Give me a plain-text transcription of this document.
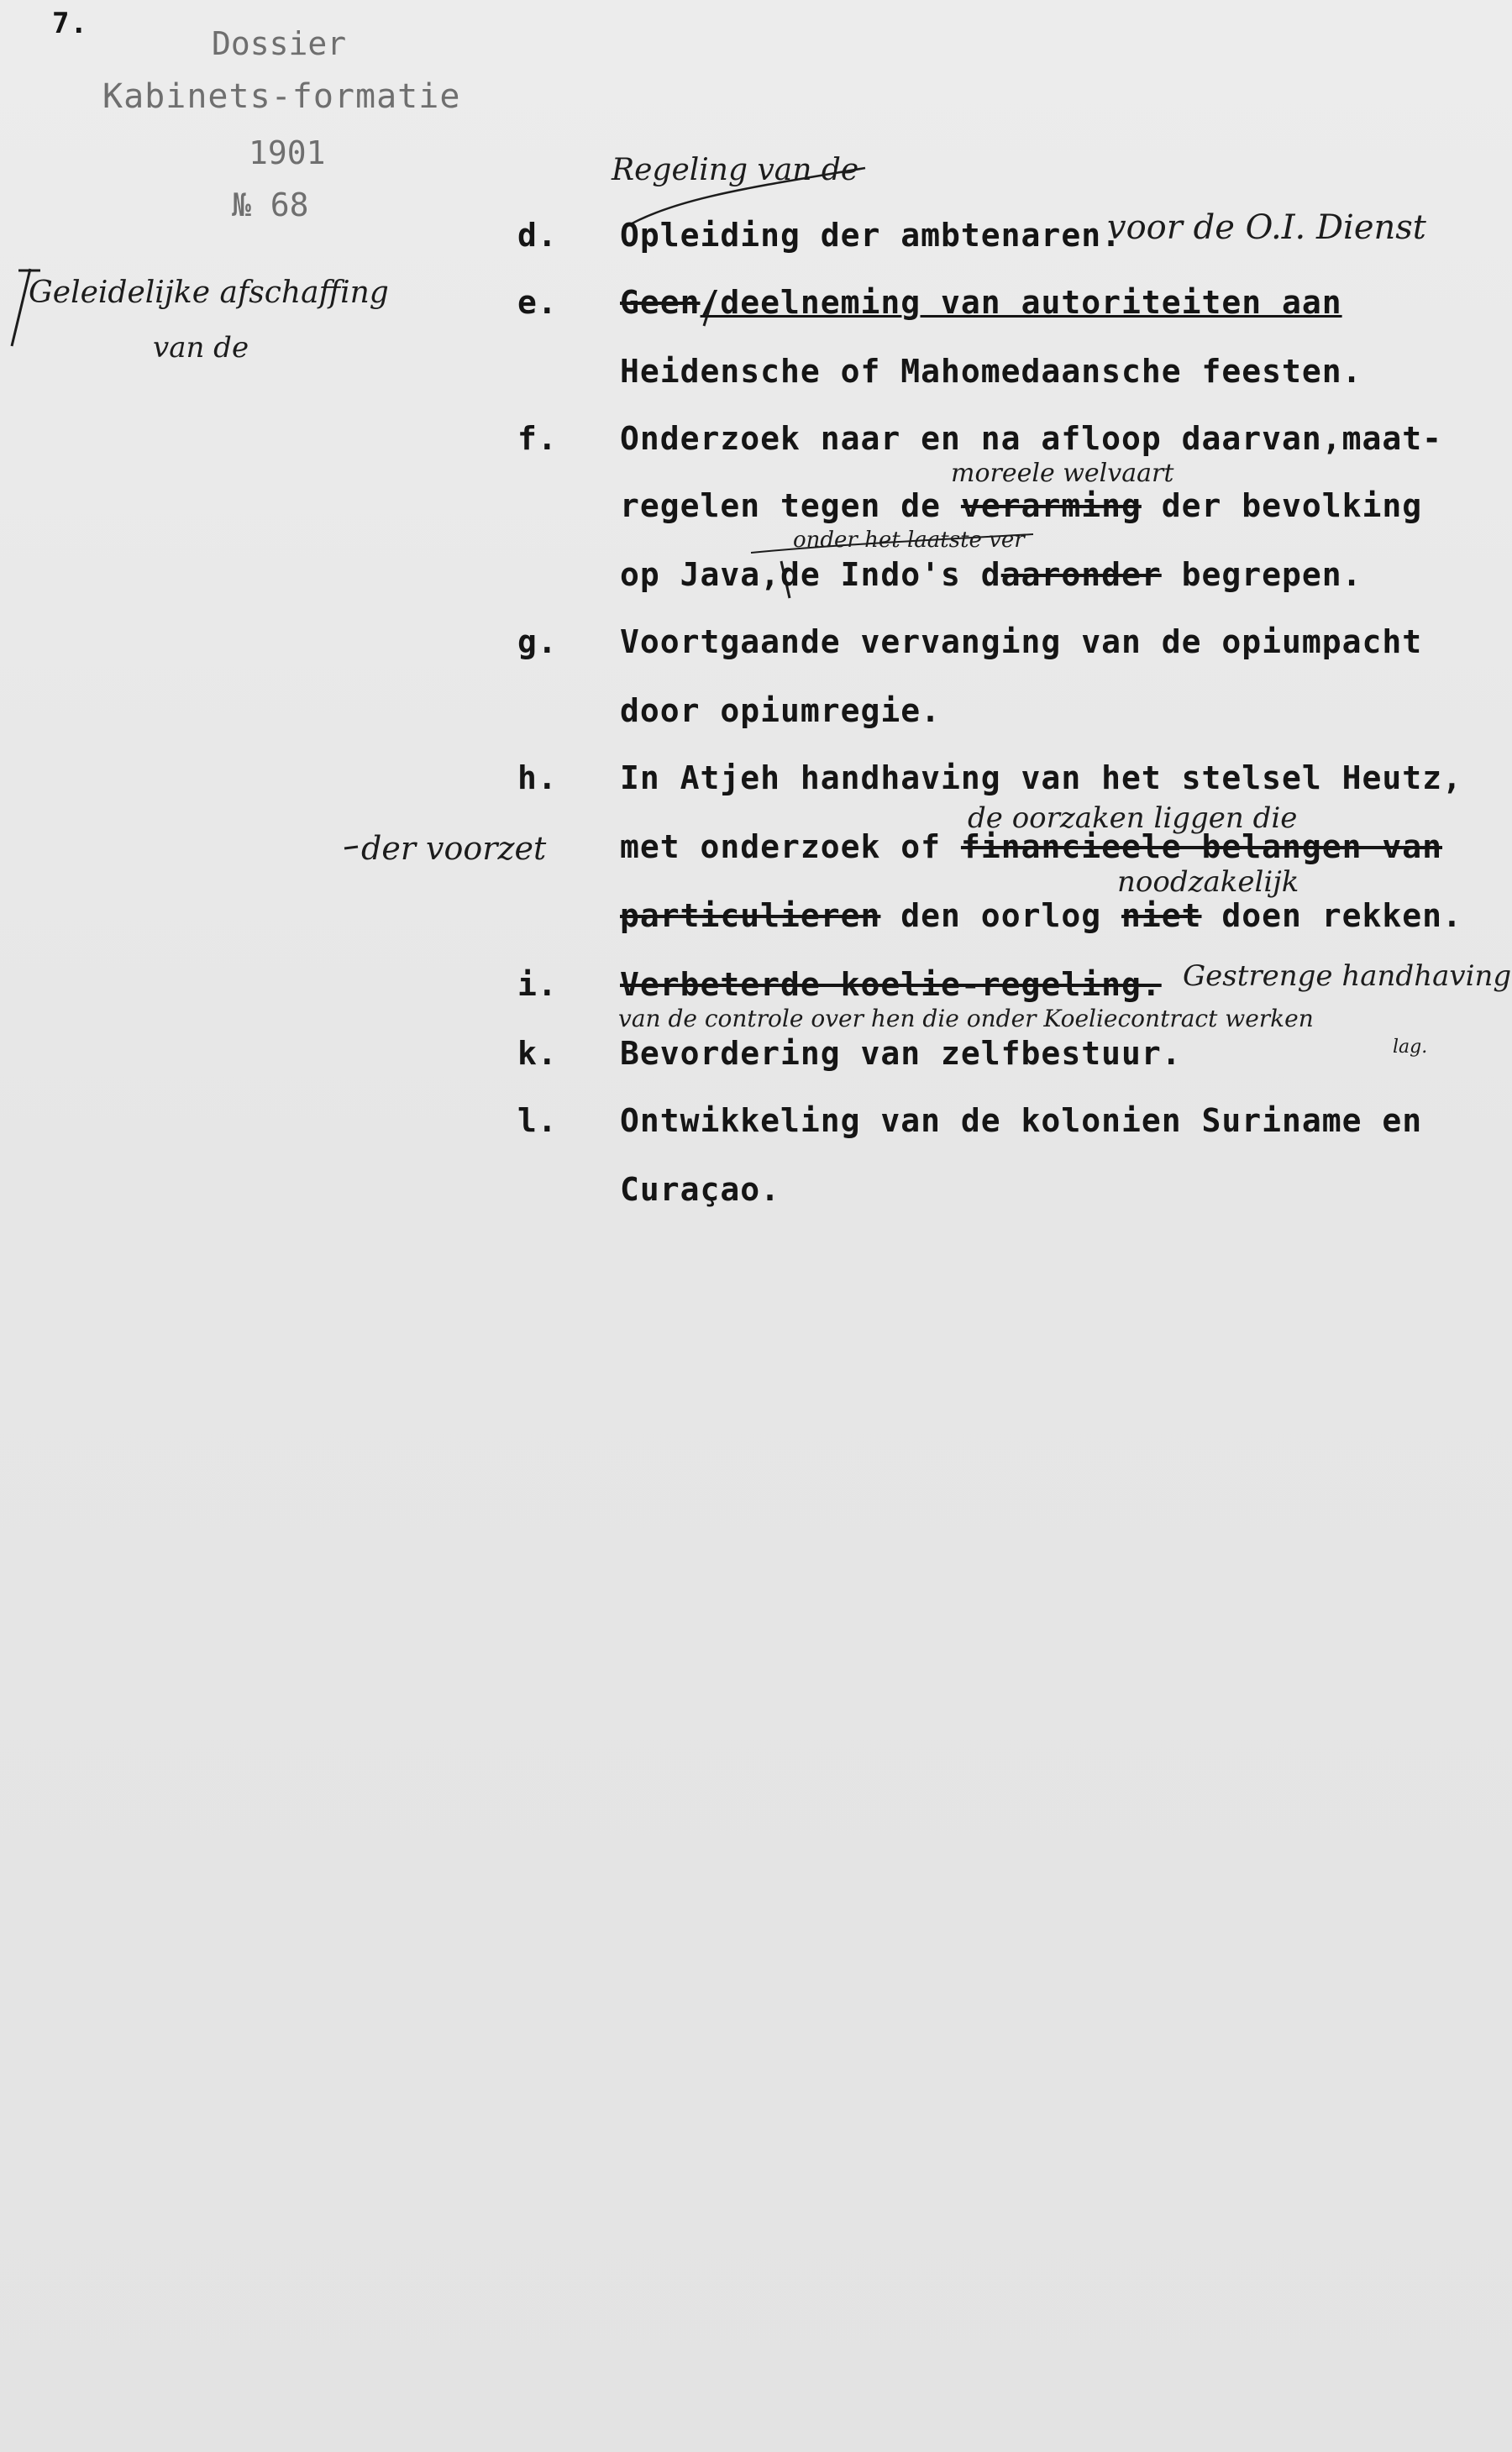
7.
Dossier
Kabinets-formatie
1901
№ 68
Regeling van de
voor de O.I. Dienst
Geleidelijke afschaffing
van de
moreele welvaart
onder het laatste ver
der voorzet
de oorzaken liggen die
noodzakelijk
Gestrenge handhaving
van de controle over hen die onder Koeliecontract werken
lag.
d. Opleiding der ambtenaren.
e. Geen/deelneming van autoriteiten aan
Heidensche of Mahomedaansche feesten.
f. Onderzoek naar en na afloop daarvan,maat-
regelen tegen de verarming der bevolking
op Java,de Indo's daaronder begrepen.
g. Voortgaande vervanging van de opiumpacht
door opiumregie.
h. In Atjeh handhaving van het stelsel Heutz,
met onderzoek of financieele belangen van
particulieren den oorlog niet doen rekken.
i. Verbeterde koelie-regeling.
k. Bevordering van zelfbestuur.
l. Ontwikkeling van de kolonien Suriname en
Curaçao.
